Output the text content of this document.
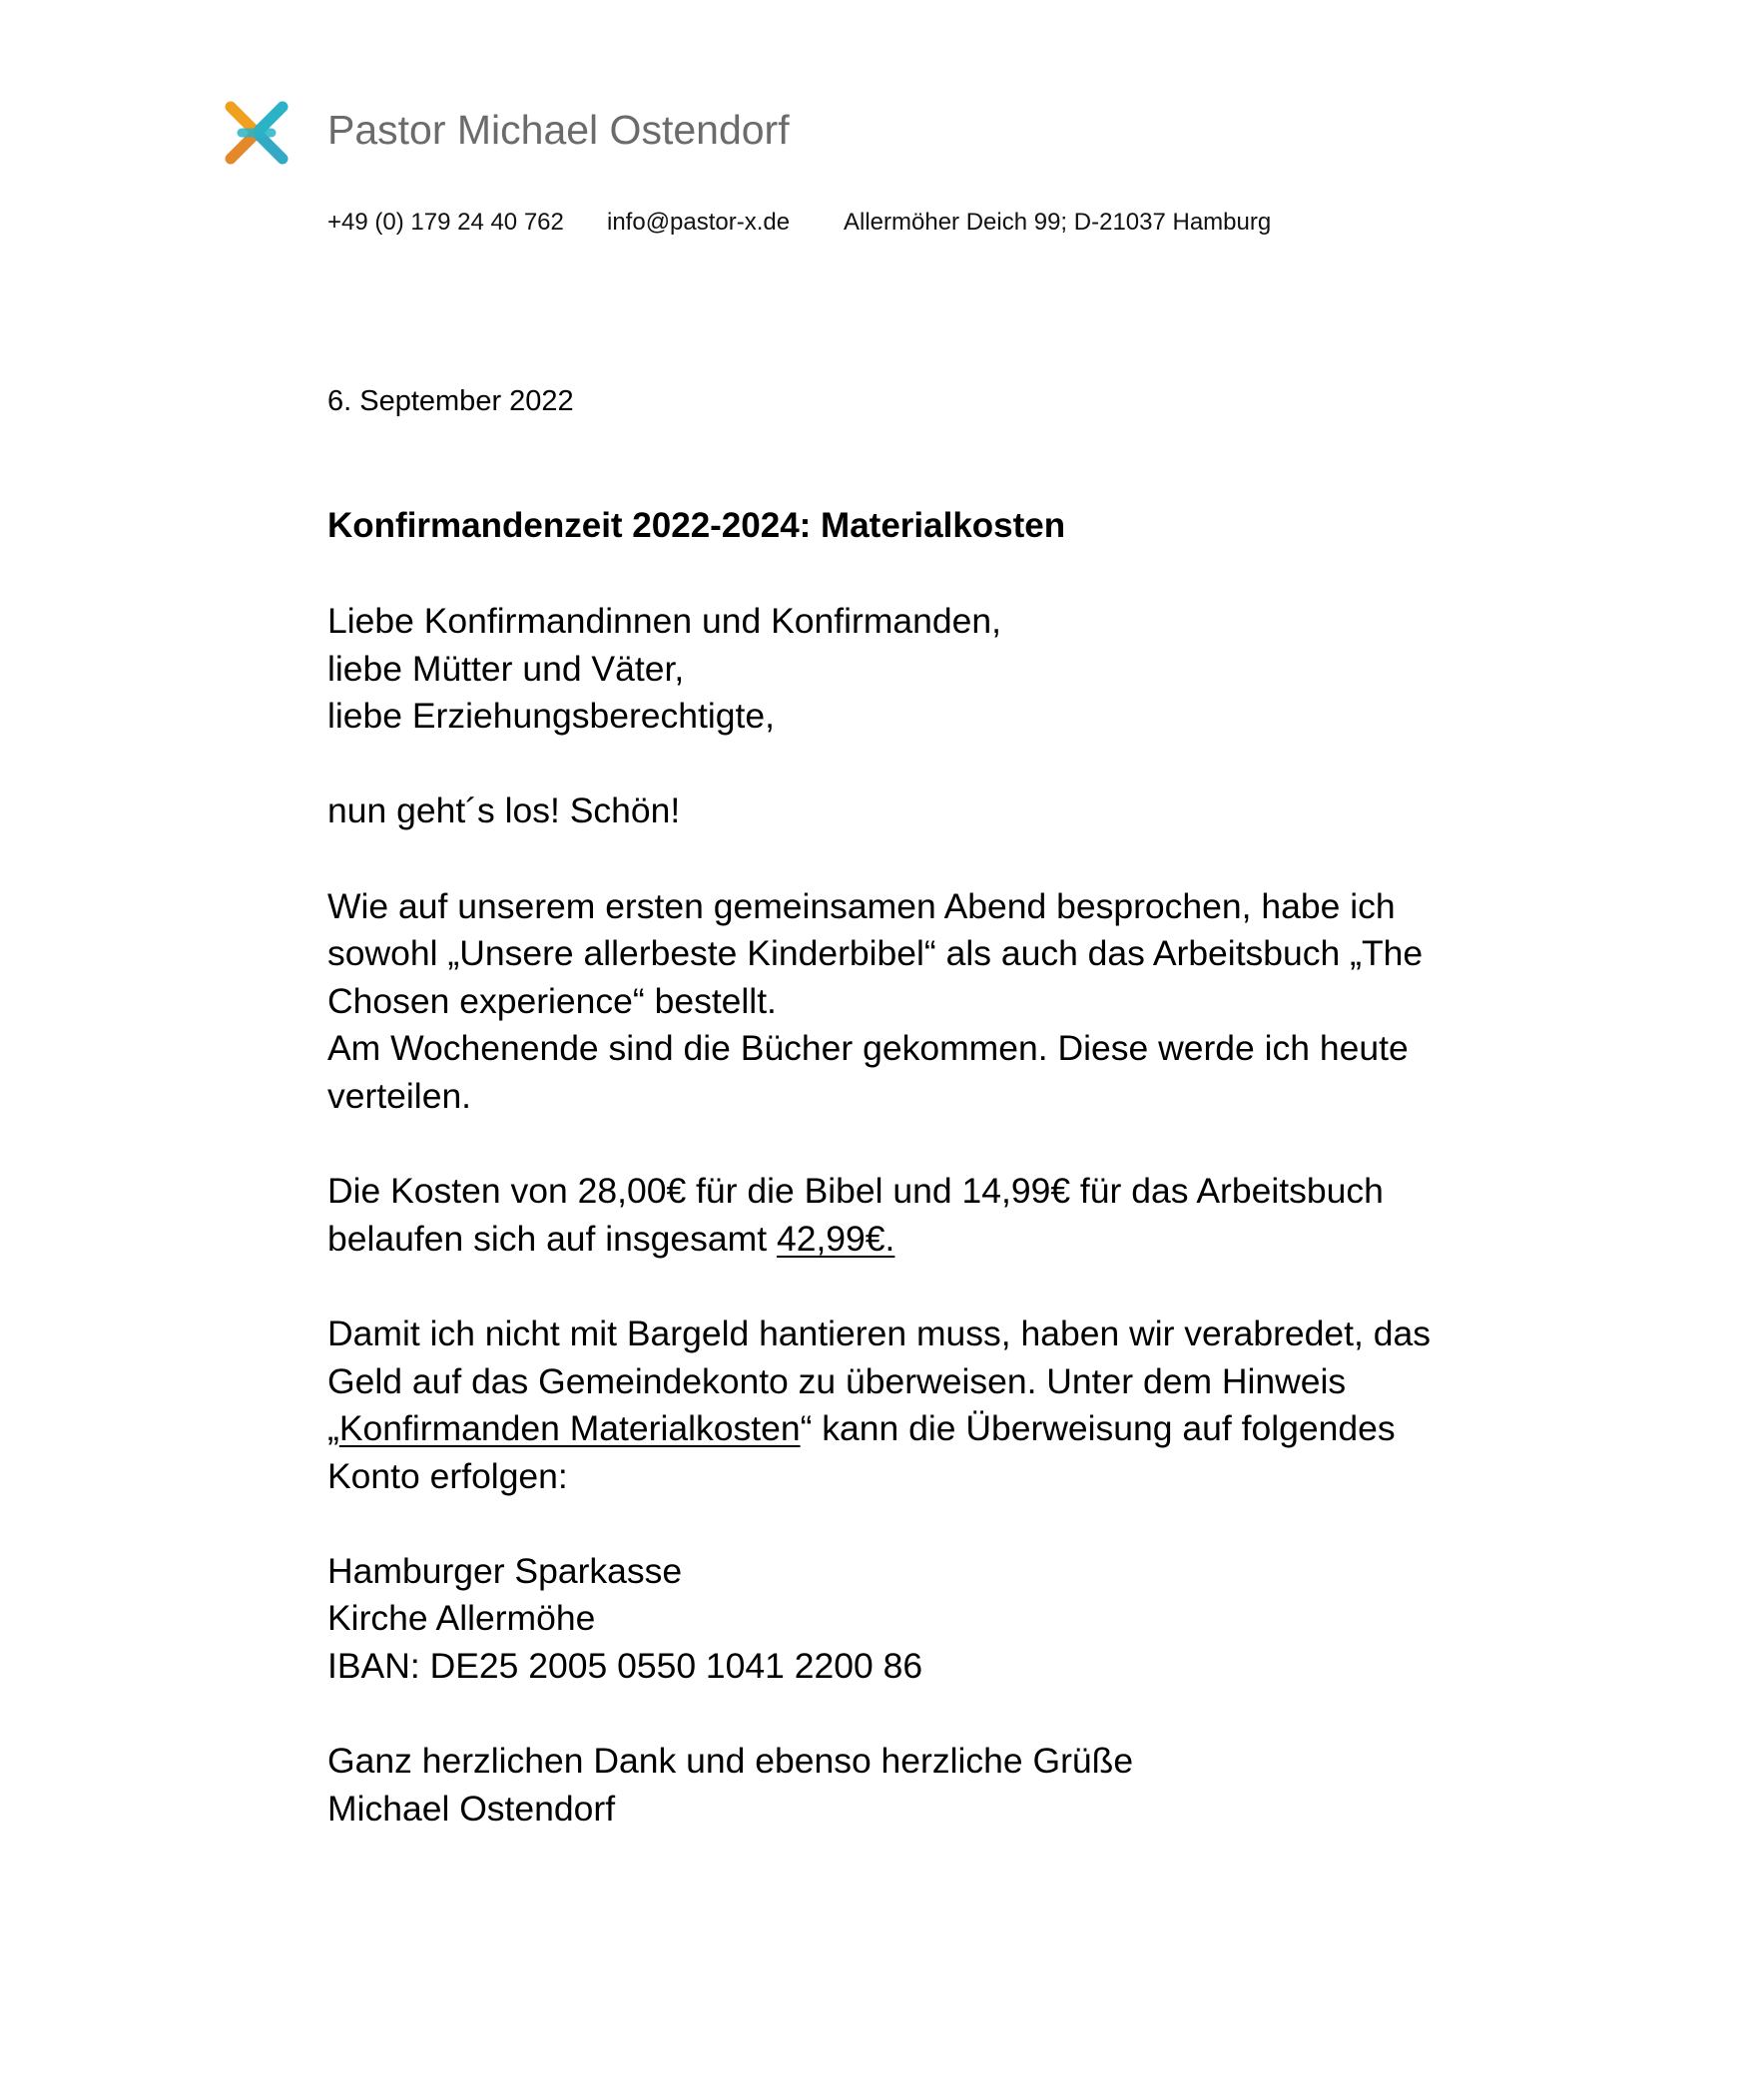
Pastor Michael Ostendorf
+49 (0) 179 24 40 762 info@pastor-x.de Allermöher Deich 99; D-21037 Hamburg
6. September 2022
Konfirmandenzeit 2022-2024: Materialkosten
Liebe Konfirmandinnen und Konfirmanden,
liebe Mütter und Väter,
liebe Erziehungsberechtigte,
nun geht´s los! Schön!
Wie auf unserem ersten gemeinsamen Abend besprochen, habe ich
sowohl „Unsere allerbeste Kinderbibel“ als auch das Arbeitsbuch „The
Chosen experience“ bestellt.
Am Wochenende sind die Bücher gekommen. Diese werde ich heute
verteilen.
Die Kosten von 28,00€ für die Bibel und 14,99€ für das Arbeitsbuch
belaufen sich auf insgesamt 42,99€.
Damit ich nicht mit Bargeld hantieren muss, haben wir verabredet, das
Geld auf das Gemeindekonto zu überweisen. Unter dem Hinweis
„Konfirmanden Materialkosten“ kann die Überweisung auf folgendes
Konto erfolgen:
Hamburger Sparkasse
Kirche Allermöhe
IBAN: DE25 2005 0550 1041 2200 86
Ganz herzlichen Dank und ebenso herzliche Grüße
Michael Ostendorf
